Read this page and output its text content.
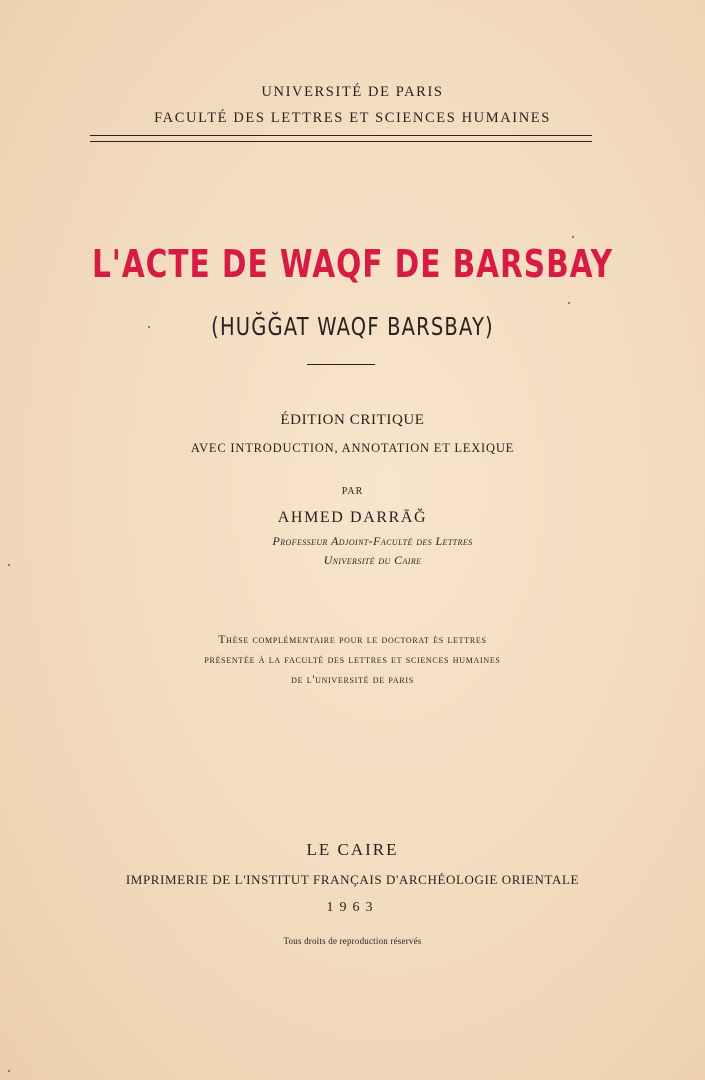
UNIVERSITÉ DE PARIS
FACULTÉ DES LETTRES ET SCIENCES HUMAINES
L'ACTE DE WAQF DE BARSBAY
(HUĞĞAT WAQF BARSBAY)
ÉDITION CRITIQUE
AVEC INTRODUCTION, ANNOTATION ET LEXIQUE
PAR
AHMED DARRĀĞ
Professeur Adjoint-Faculté des Lettres
Université du Caire
Thèse complémentaire pour le doctorat ès lettres
présentée à la faculté des lettres et sciences humaines
de l'université de paris
LE CAIRE
IMPRIMERIE DE L'INSTITUT FRANÇAIS D'ARCHÉOLOGIE ORIENTALE
1963
Tous droits de reproduction réservés
